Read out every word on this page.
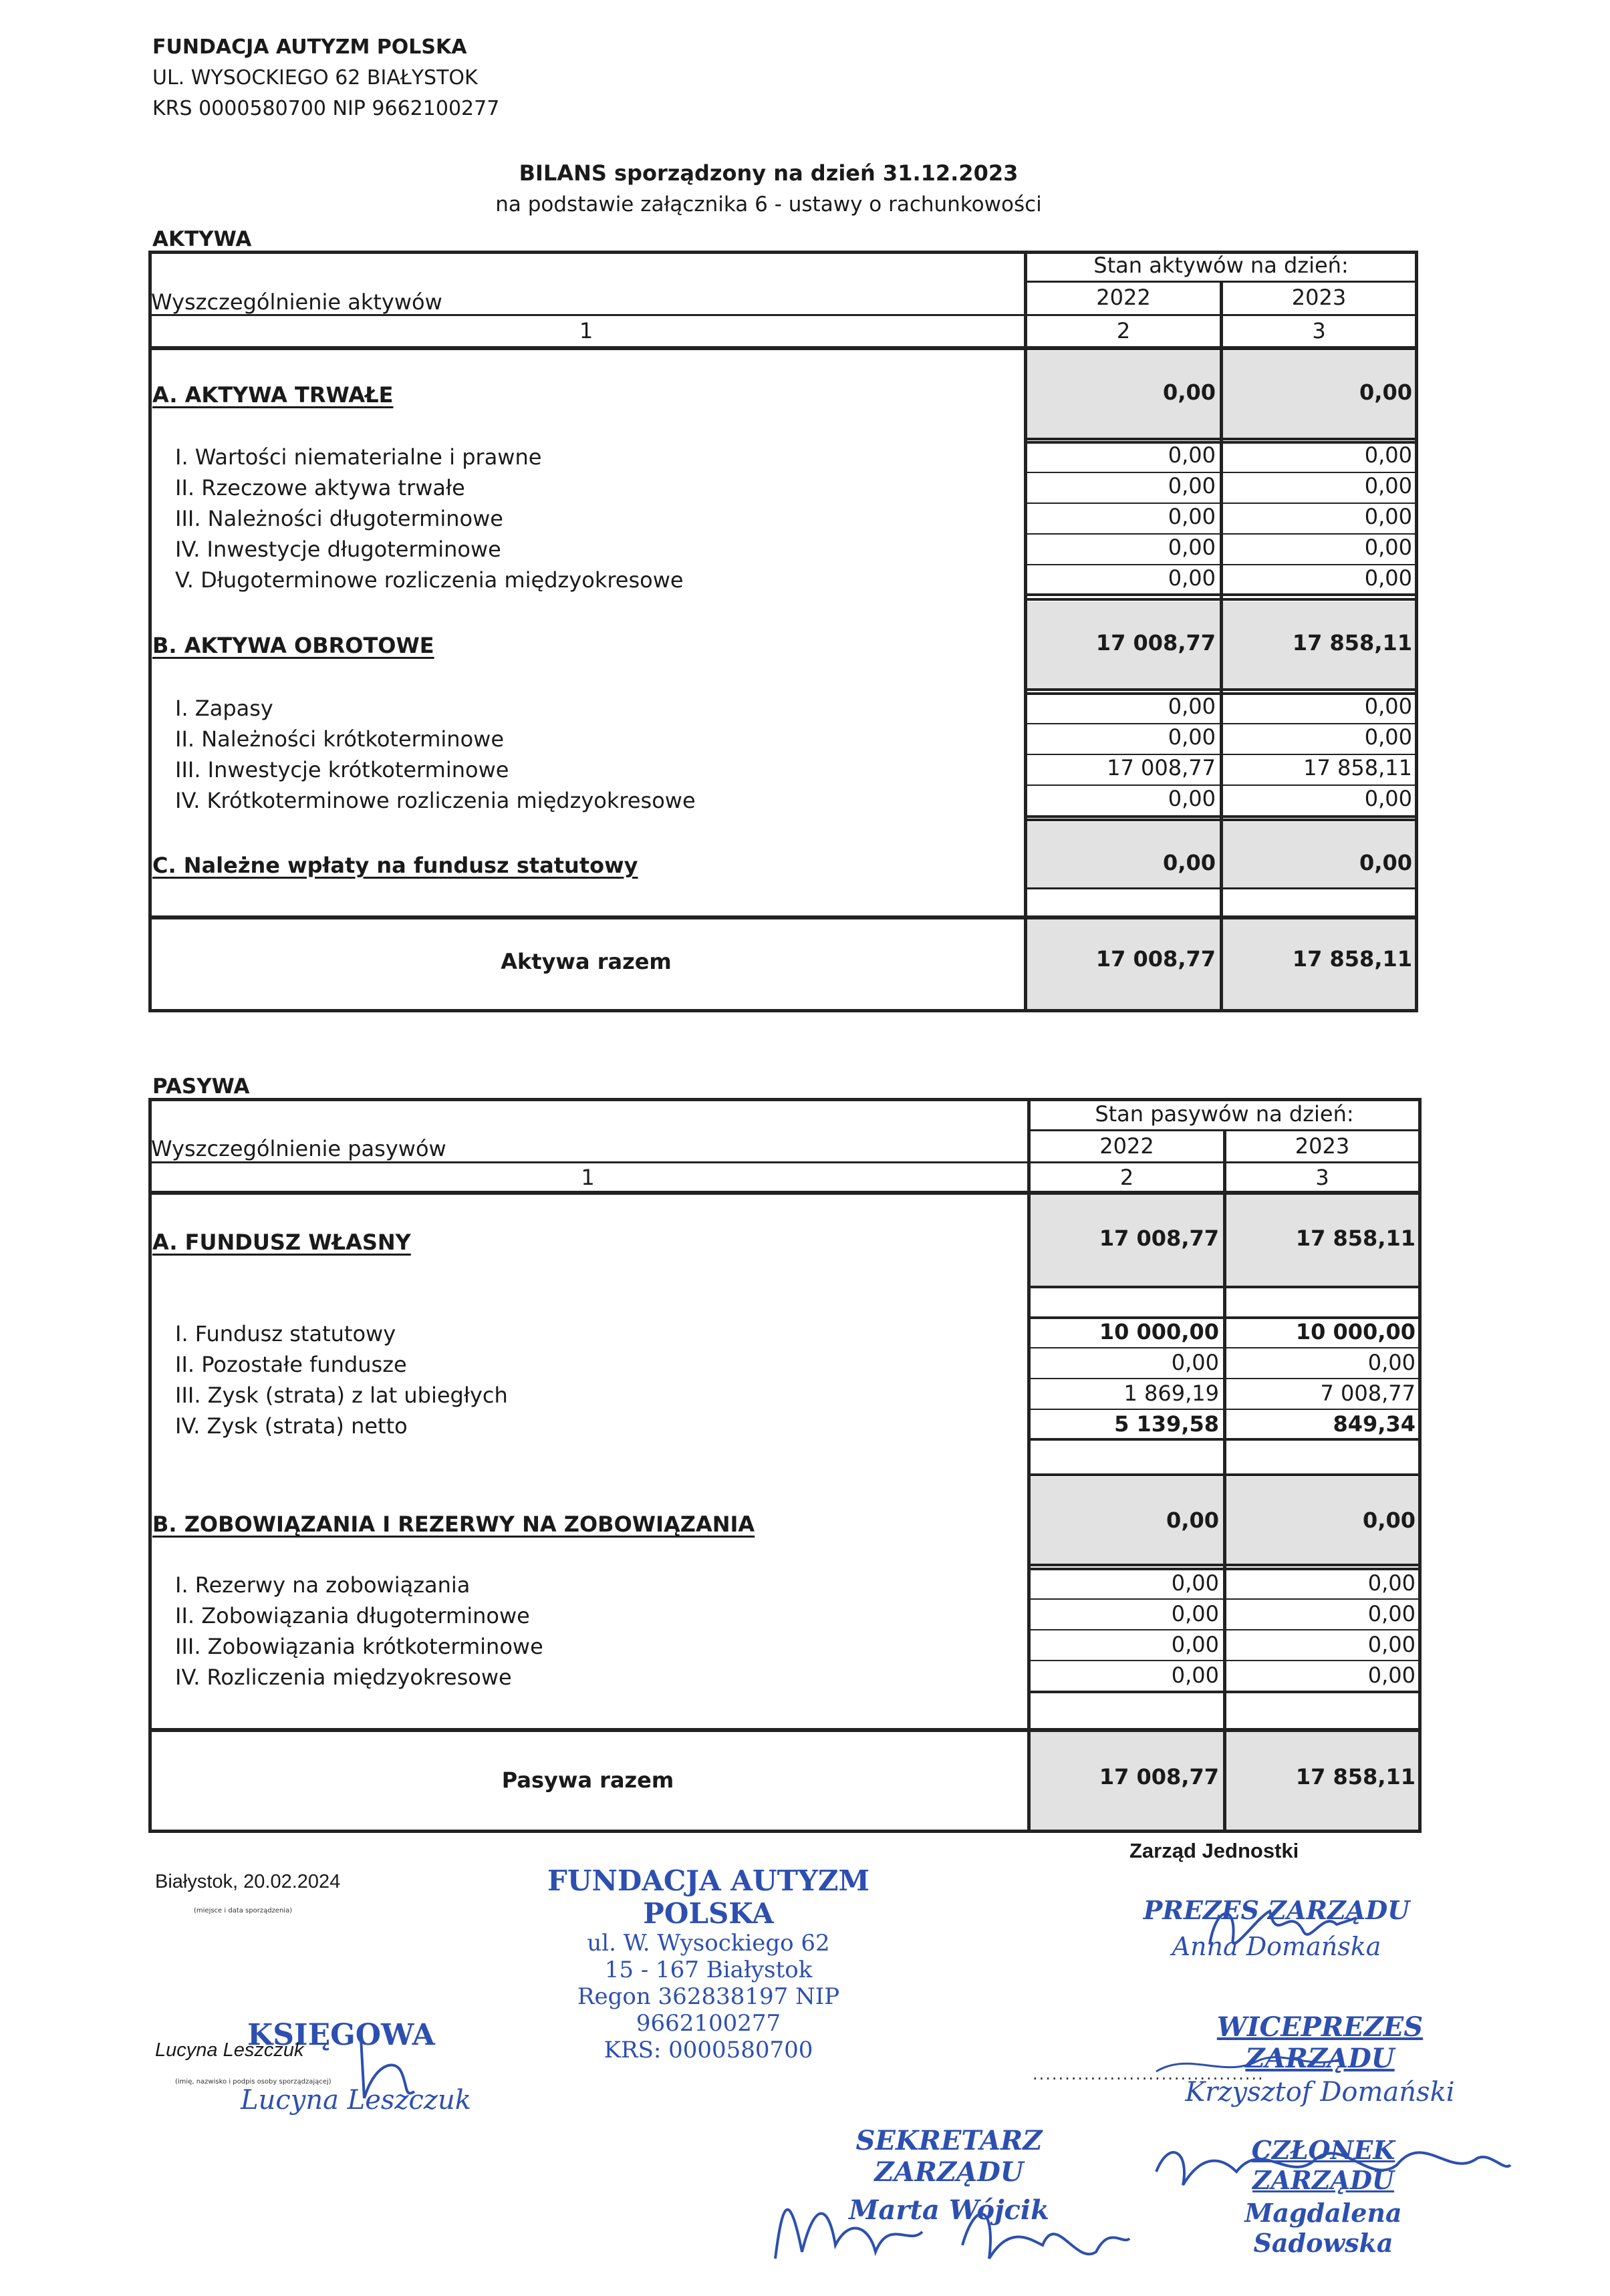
FUNDACJA AUTYZM POLSKA
UL. WYSOCKIEGO 62 BIAŁYSTOK
KRS 0000580700 NIP 9662100277
BILANS sporządzony na dzień 31.12.2023
na podstawie załącznika 6 - ustawy o rachunkowości
AKTYWA
Stan aktywów na dzień:
Wyszczególnienie aktywów	2022	2023
1	2	3
A. AKTYWA TRWAŁE	0,00	0,00
I. Wartości niematerialne i prawne	0,00	0,00
II. Rzeczowe aktywa trwałe	0,00	0,00
III. Należności długoterminowe	0,00	0,00
IV. Inwestycje długoterminowe	0,00	0,00
V. Długoterminowe rozliczenia międzyokresowe	0,00	0,00
B. AKTYWA OBROTOWE	17 008,77	17 858,11
I. Zapasy	0,00	0,00
II. Należności krótkoterminowe	0,00	0,00
III. Inwestycje krótkoterminowe	17 008,77	17 858,11
IV. Krótkoterminowe rozliczenia międzyokresowe	0,00	0,00
C. Należne wpłaty na fundusz statutowy	0,00	0,00
Aktywa razem	17 008,77	17 858,11
PASYWA
Stan pasywów na dzień:
Wyszczególnienie pasywów	2022	2023
1	2	3
A. FUNDUSZ WŁASNY	17 008,77	17 858,11
I. Fundusz statutowy	10 000,00	10 000,00
II. Pozostałe fundusze	0,00	0,00
III. Zysk (strata) z lat ubiegłych	1 869,19	7 008,77
IV. Zysk (strata) netto	5 139,58	849,34
B. ZOBOWIĄZANIA I REZERWY NA ZOBOWIĄZANIA	0,00	0,00
I. Rezerwy na zobowiązania	0,00	0,00
II. Zobowiązania długoterminowe	0,00	0,00
III. Zobowiązania krótkoterminowe	0,00	0,00
IV. Rozliczenia międzyokresowe	0,00	0,00
Pasywa razem	17 008,77	17 858,11
Zarząd Jednostki
Białystok, 20.02.2024
(miejsce i data sporządzenia)
FUNDACJA AUTYZM POLSKA
ul. W. Wysockiego 62
15 - 167 Białystok
Regon 362838197 NIP 9662100277
KRS: 0000580700
PREZES ZARZĄDU
Anna Domańska
KSIĘGOWA
Lucyna Leszczuk
(imię, nazwisko i podpis osoby sporządzającej)
Lucyna Leszczuk
....................................
WICEPREZES ZARZĄDU
Krzysztof Domański
SEKRETARZ ZARZĄDU
Marta Wójcik
CZŁONEK ZARZĄDU
Magdalena Sadowska
